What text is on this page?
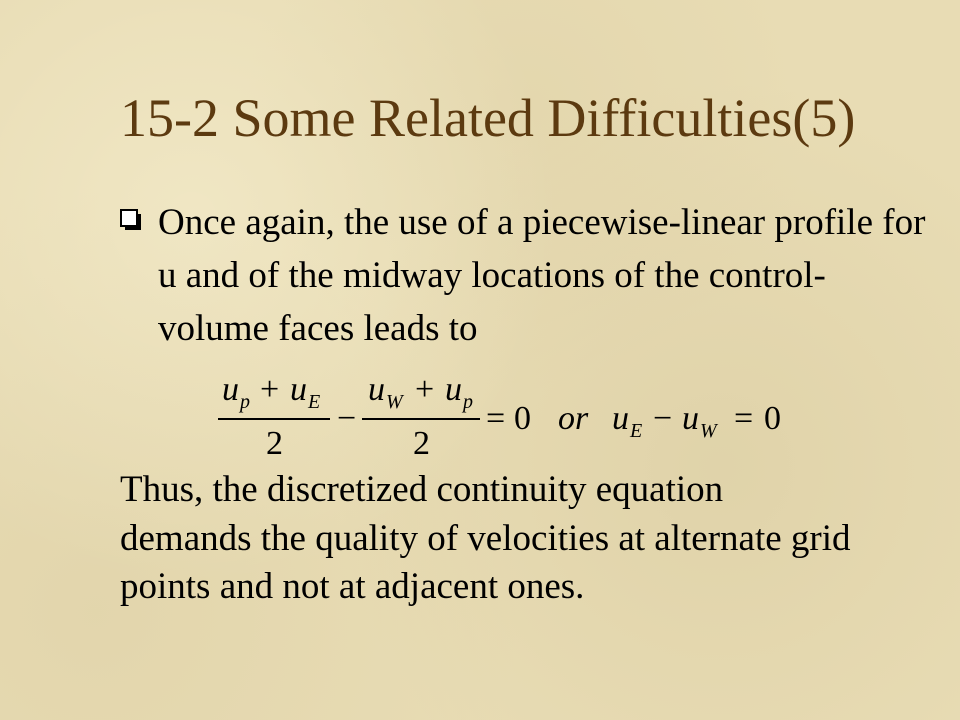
15-2 Some Related Difficulties(5)
Once again, the use of a piecewise-linear profile for u and of the midway locations of the control-volume faces leads to
u p + u E
2
−
u W + u p
2
= 0 or u E − u W = 0
Thus, the discretized continuity equation demands the quality of velocities at alternate grid points and not at adjacent ones.
